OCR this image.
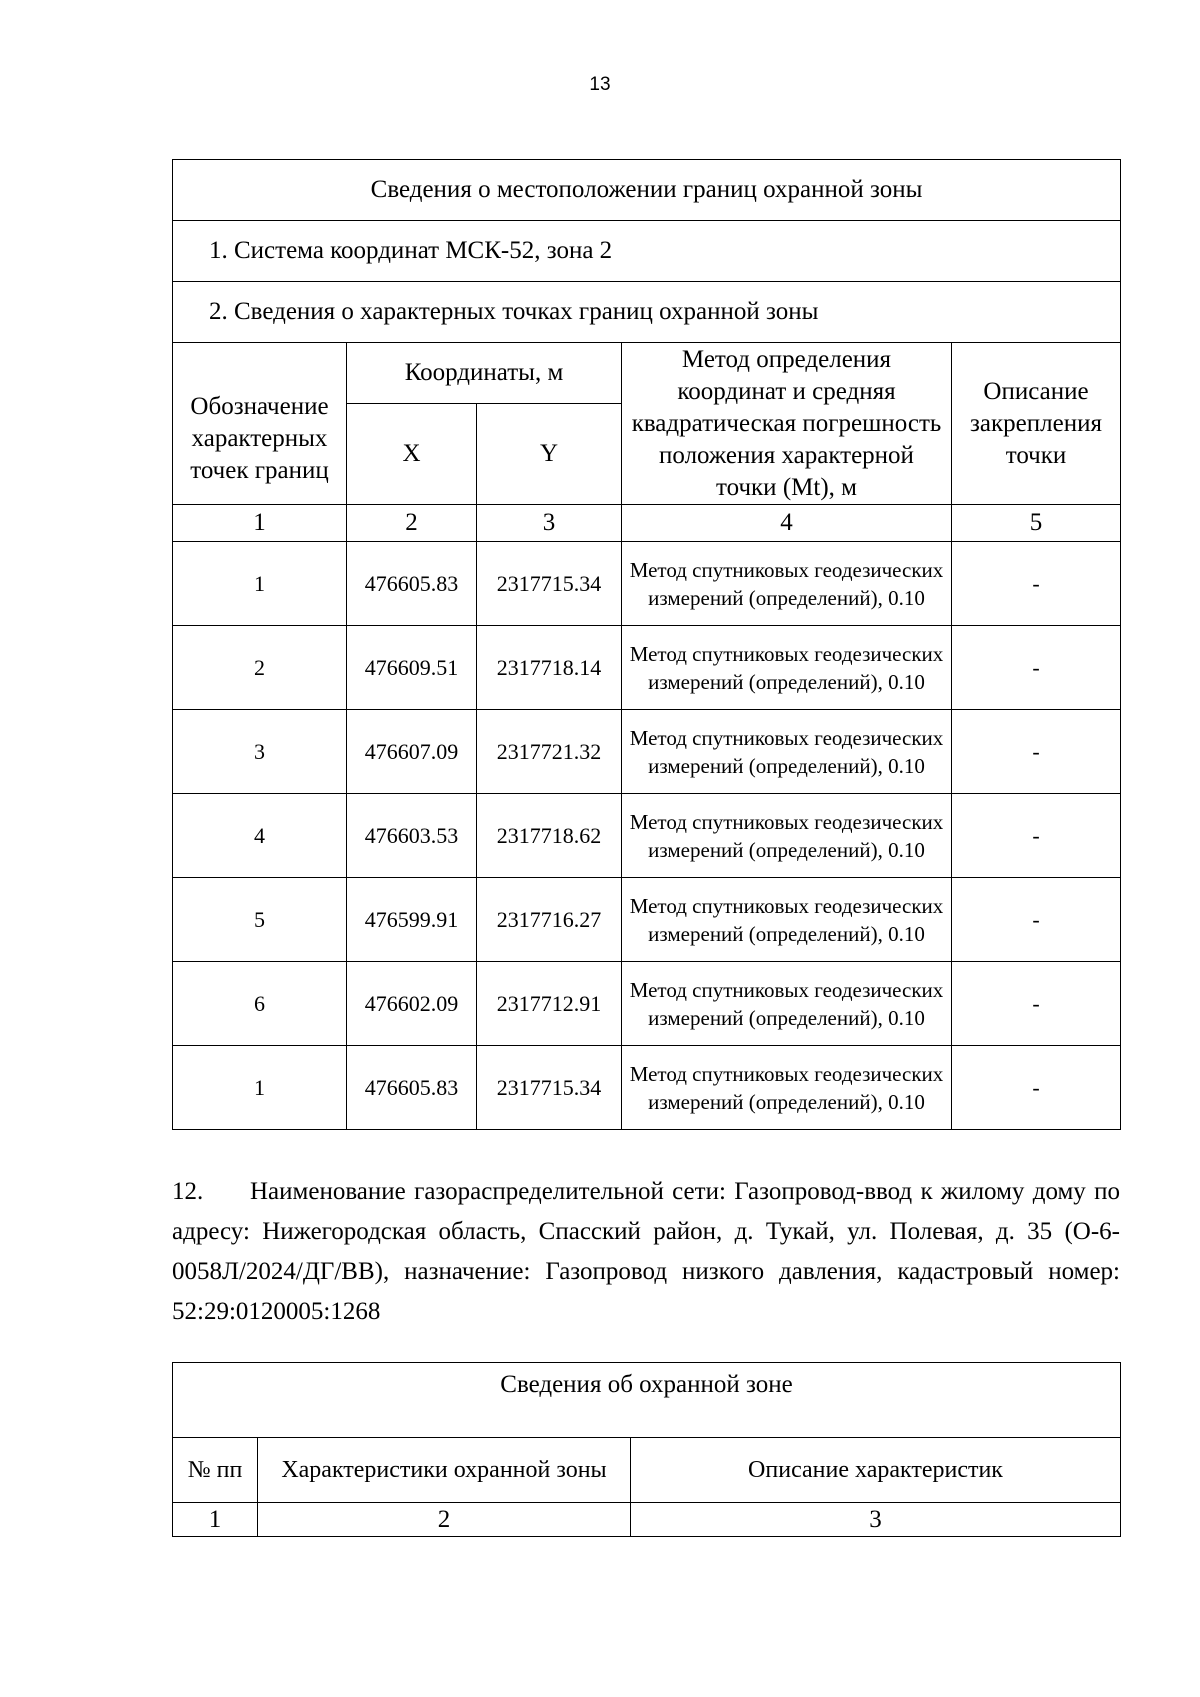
13
Сведения о местоположении границ охранной зоны				
1. Система координат МСК-52, зона 2				
2. Сведения о характерных точках границ охранной зоны				
Обозначение характерных точек границ	Координаты, м		Метод определения координат и средняя квадратическая погрешность положения характерной точки (Mt), м	Описание закрепления точки
	X	Y		
1	2	3	4	5
1	476605.83	2317715.34	Метод спутниковых геодезических измерений (определений), 0.10	-
2	476609.51	2317718.14	Метод спутниковых геодезических измерений (определений), 0.10	-
3	476607.09	2317721.32	Метод спутниковых геодезических измерений (определений), 0.10	-
4	476603.53	2317718.62	Метод спутниковых геодезических измерений (определений), 0.10	-
5	476599.91	2317716.27	Метод спутниковых геодезических измерений (определений), 0.10	-
6	476602.09	2317712.91	Метод спутниковых геодезических измерений (определений), 0.10	-
1	476605.83	2317715.34	Метод спутниковых геодезических измерений (определений), 0.10	-

12. Наименование газораспределительной сети: Газопровод-ввод к жилому дому по адресу: Нижегородская область, Спасский район, д. Тукай, ул. Полевая, д. 35 (О-6-0058Л/2024/ДГ/ВВ), назначение: Газопровод низкого давления, кадастровый номер: 52:29:0120005:1268

Сведения об охранной зоне		
№ пп	Характеристики охранной зоны	Описание характеристик
1	2	3
